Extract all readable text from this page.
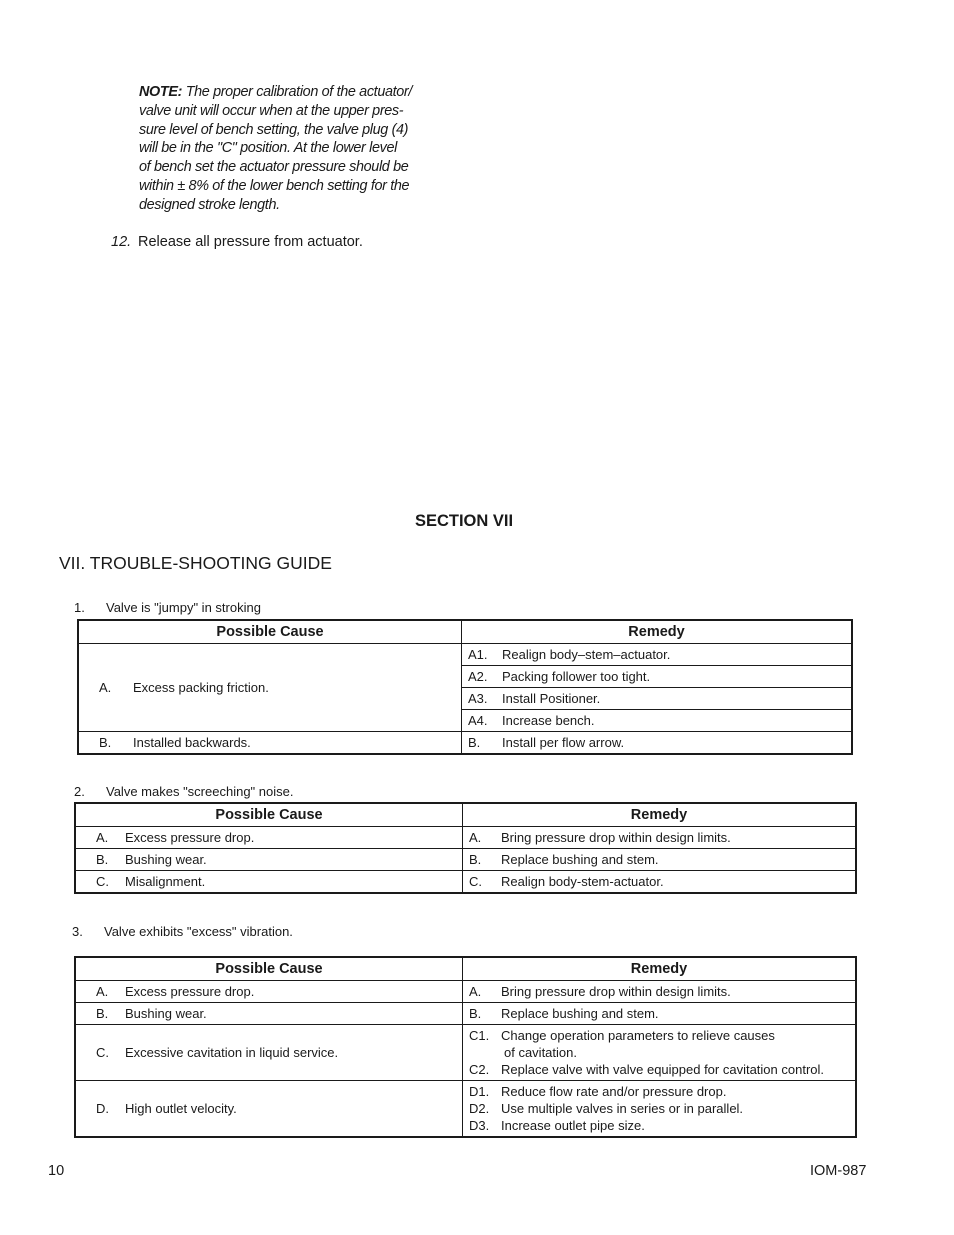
NOTE: The proper calibration of the actuator/
valve unit will occur when at the upper pres-
sure level of bench setting, the valve plug (4)
will be in the "C" position. At the lower level
of bench set the actuator pressure should be
within ± 8% of the lower bench setting for the
designed stroke length.
12. Release all pressure from actuator.
SECTION VII
VII. TROUBLE-SHOOTING GUIDE
1. Valve is "jumpy" in stroking
Possible Cause	Remedy
A. Excess packing friction.	A1. Realign body–stem–actuator.
	A2. Packing follower too tight.
	A3. Install Positioner.
	A4. Increase bench.
B. Installed backwards.	B. Install per flow arrow.
2. Valve makes "screeching" noise.
Possible Cause	Remedy
A. Excess pressure drop.	A. Bring pressure drop within design limits.
B. Bushing wear.	B. Replace bushing and stem.
C. Misalignment.	C. Realign body-stem-actuator.
3. Valve exhibits "excess" vibration.
Possible Cause	Remedy
A. Excess pressure drop.	A. Bring pressure drop within design limits.
B. Bushing wear.	B. Replace bushing and stem.
C. Excessive cavitation in liquid service.	C1. Change operation parameters to relieve causes
of cavitation.
C2. Replace valve with valve equipped for cavitation control.

D. High outlet velocity.	D1. Reduce flow rate and/or pressure drop.
D2. Use multiple valves in series or in parallel.
D3. Increase outlet pipe size.
10	IOM-987
